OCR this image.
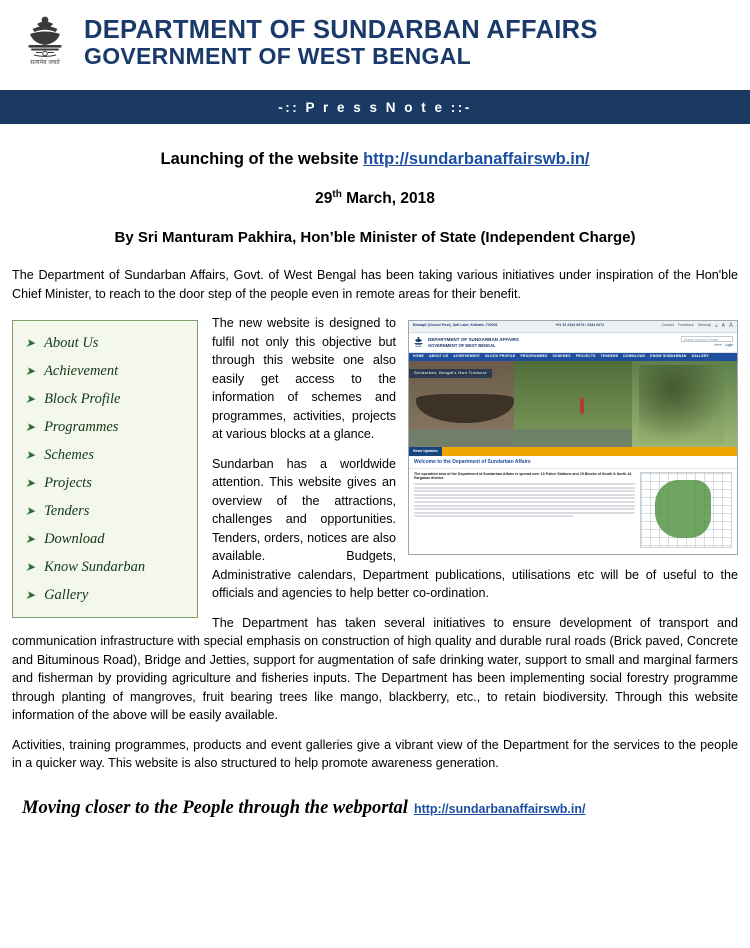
सत्यमेव जयते
DEPARTMENT OF SUNDARBAN AFFAIRS
GOVERNMENT OF WEST BENGAL
-:: P r e s s N o t e ::-
Launching of the website http://sundarbanaffairswb.in/
29th March, 2018
By Sri Manturam Pakhira, Hon’ble Minister of State (Independent Charge)

The Department of Sundarban Affairs, Govt. of West Bengal has been taking various initiatives under inspiration of the Hon'ble Chief Minister, to reach to the door step of the people even in remote areas for their benefit.

➤ About Us
➤ Achievement
➤ Block Profile
➤ Programmes
➤ Schemes
➤ Projects
➤ Tenders
➤ Download
➤ Know Sundarban
➤ Gallery
Biswajit (Closed Post), Salt Lake, Kolkata -700091	+91 33 2334 6670 / 2334 6672	Contact Feedback Sitemap A A A
DEPARTMENT OF SUNDARBAN AFFAIRS
GOVERNMENT OF WEST BENGAL
Search Keyword Phrase
বাংলা Login
HOME ABOUT US ACHIEVEMENT BLOCK PROFILE PROGRAMMES SCHEMES PROJECTS TENDERS DOWNLOAD KNOW SUNDARBAN GALLERY
Sundarban, Bengal's Own Treasure
News Updates
Welcome to the Department of Sundarban Affairs
The operation area of the Department of Sundarban Affairs is spread over 13 Police Stations and 19 Blocks of South & North 24 Parganas district.

The new website is designed to fulfil not only this objective but through this website one also easily get access to the information of schemes and programmes, activities, projects at various blocks at a glance.

Sundarban has a worldwide attention. This website gives an overview of the attractions, challenges and opportunities. Tenders, orders, notices are also available. Budgets, Administrative calendars, Department publications, utilisations etc will be of useful to the officials and agencies to help better co-ordination.

The Department has taken several initiatives to ensure development of transport and communication infrastructure with special emphasis on construction of high quality and durable rural roads (Brick paved, Concrete and Bituminous Road), Bridge and Jetties, support for augmentation of safe drinking water, support to small and marginal farmers and fisherman by providing agriculture and fisheries inputs. The Department has been implementing social forestry programme through planting of mangroves, fruit bearing trees like mango, blackberry, etc., to retain biodiversity. Through this website information of the above will be easily available.

Activities, training programmes, products and event galleries give a vibrant view of the Department for the services to the people in a quicker way. This website is also structured to help promote awareness generation.

Moving closer to the People through the webportal http://sundarbanaffairswb.in/
